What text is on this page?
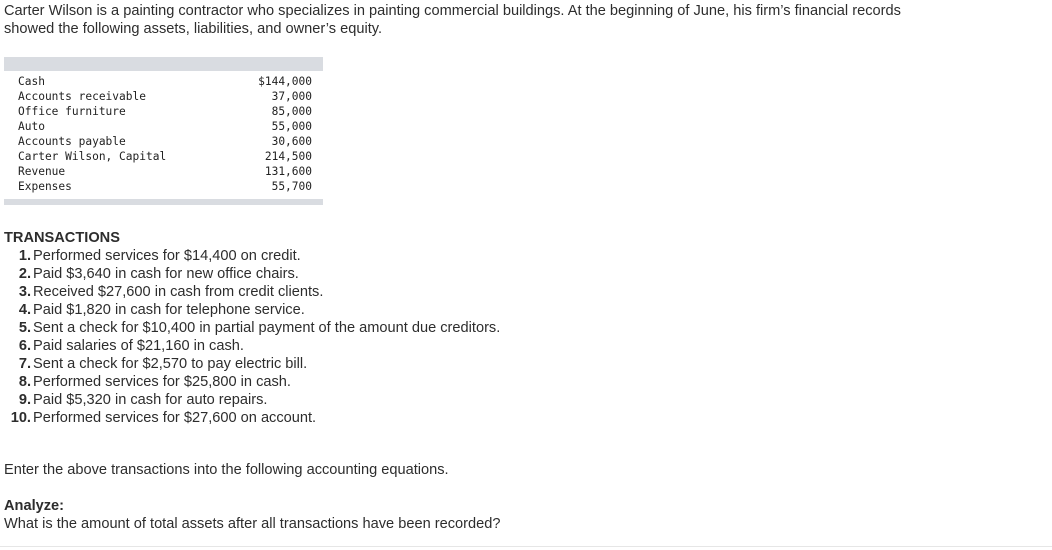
Carter Wilson is a painting contractor who specializes in painting commercial buildings. At the beginning of June, his firm’s financial records showed the following assets, liabilities, and owner’s equity.

Cash	$144,000
Accounts receivable	37,000
Office furniture	85,000
Auto	55,000
Accounts payable	30,600
Carter Wilson, Capital	214,500
Revenue	131,600
Expenses	55,700

TRANSACTIONS

1. Performed services for $14,400 on credit.
2. Paid $3,640 in cash for new office chairs.
3. Received $27,600 in cash from credit clients.
4. Paid $1,820 in cash for telephone service.
5. Sent a check for $10,400 in partial payment of the amount due creditors.
6. Paid salaries of $21,160 in cash.
7. Sent a check for $2,570 to pay electric bill.
8. Performed services for $25,800 in cash.
9. Paid $5,320 in cash for auto repairs.
10. Performed services for $27,600 on account.

Enter the above transactions into the following accounting equations.

Analyze:

What is the amount of total assets after all transactions have been recorded?
